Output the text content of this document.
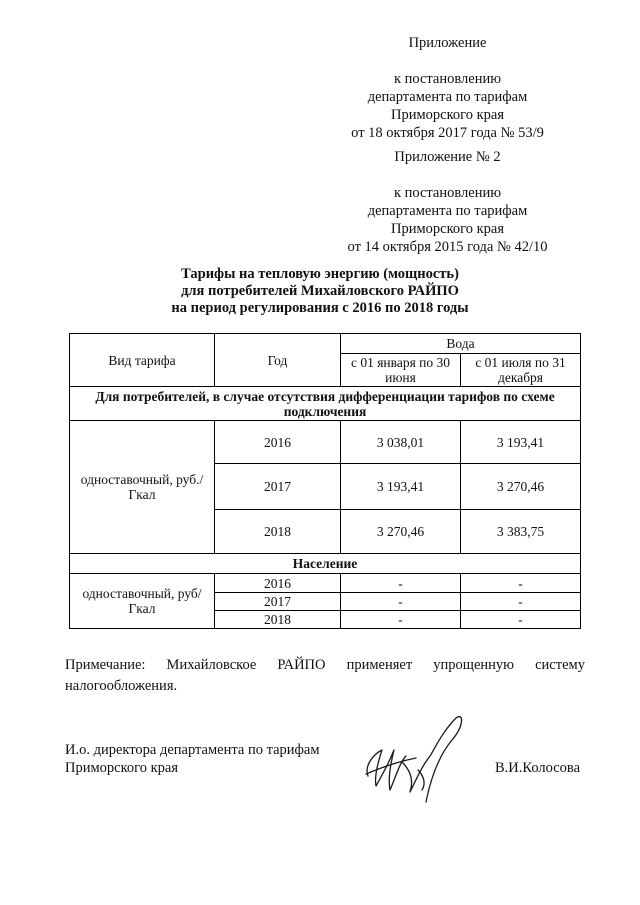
Приложение
к постановлению
департамента по тарифам
Приморского края
от 18 октября 2017 года № 53/9
Приложение № 2
к постановлению
департамента по тарифам
Приморского края
от 14 октября 2015 года № 42/10
Тарифы на тепловую энергию (мощность)
для потребителей Михайловского РАЙПО
на период регулирования с 2016 по 2018 годы
Вид тарифа	Год	Вода	
		с 01 января по 30 июня	с 01 июля по 31 декабря
Для потребителей, в случае отсутствия дифференциации тарифов по схеме подключения			
одноставочный, руб./Гкал	2016	3 038,01	3 193,41
	2017	3 193,41	3 270,46
	2018	3 270,46	3 383,75
Население			
одноставочный, руб/Гкал	2016	-	-
	2017	-	-
	2018	-	-
Примечание: Михайловское РАЙПО применяет упрощенную систему
налогообложения.
И.о. директора департамента по тарифам
Приморского края	В.И.Колосова
